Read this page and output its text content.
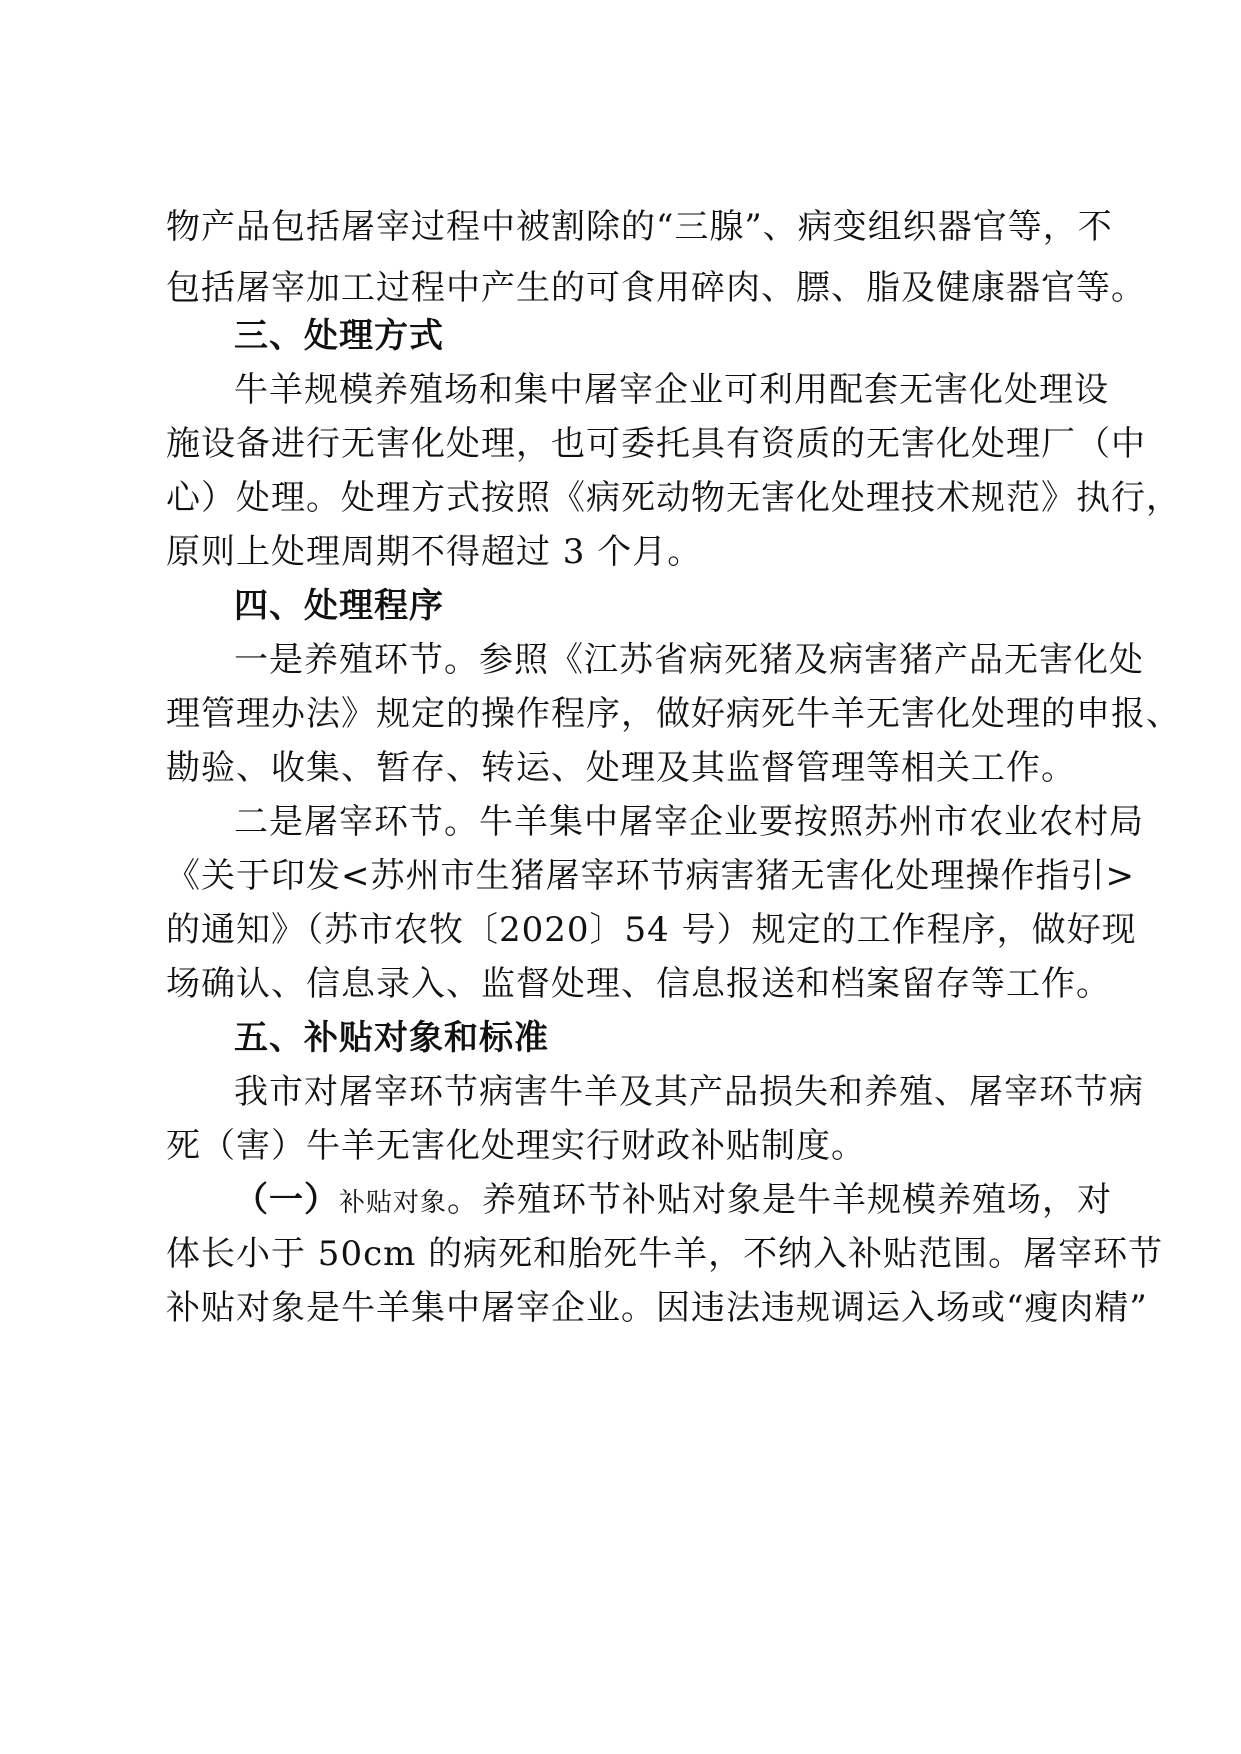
物产品包括屠宰过程中被割除的“三腺”、病变组织器官等，不
包括屠宰加工过程中产生的可食用碎肉、膘、脂及健康器官等。
三、处理方式
牛羊规模养殖场和集中屠宰企业可利用配套无害化处理设
施设备进行无害化处理，也可委托具有资质的无害化处理厂（中
心）处理。处理方式按照《病死动物无害化处理技术规范》执行，
原则上处理周期不得超过 3 个月。
四、处理程序
一是养殖环节。参照《江苏省病死猪及病害猪产品无害化处
理管理办法》规定的操作程序，做好病死牛羊无害化处理的申报、
勘验、收集、暂存、转运、处理及其监督管理等相关工作。
二是屠宰环节。牛羊集中屠宰企业要按照苏州市农业农村局
《关于印发<苏州市生猪屠宰环节病害猪无害化处理操作指引>
的通知》（苏市农牧〔2020〕54 号）规定的工作程序，做好现
场确认、信息录入、监督处理、信息报送和档案留存等工作。
五、补贴对象和标准
我市对屠宰环节病害牛羊及其产品损失和养殖、屠宰环节病
死（害）牛羊无害化处理实行财政补贴制度。
（一）补贴对象。养殖环节补贴对象是牛羊规模养殖场，对
体长小于 50cm 的病死和胎死牛羊，不纳入补贴范围。屠宰环节
补贴对象是牛羊集中屠宰企业。因违法违规调运入场或“瘦肉精”
